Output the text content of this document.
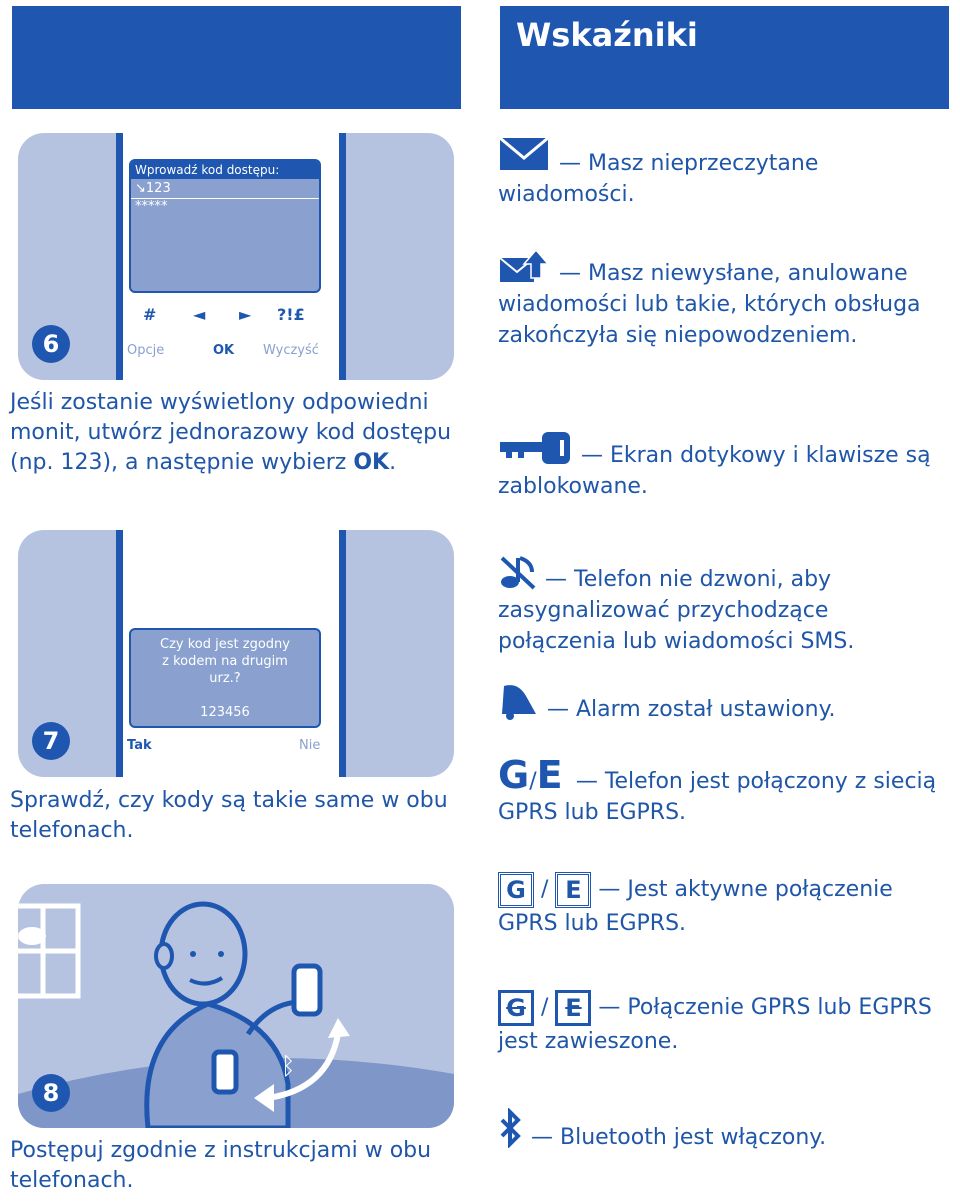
Wskaźniki
6
Wprowadź kod dostępu:
↘123
*****
# ◄ ► ?!£
Opcje	OK Wyczyść
Jeśli zostanie wyświetlony odpowiedni monit, utwórz jednorazowy kod dostępu (np. 123), a następnie wybierz OK.
7
Czy kod jest zgodny z kodem na drugim urz.?
123456
Tak	Nie
Sprawdź, czy kody są takie same w obu telefonach.
ᛒ
8
Postępuj zgodnie z instrukcjami w obu telefonach.
— Masz nieprzeczytane wiadomości.
— Masz niewysłane, anulowane wiadomości lub takie, których obsługa zakończyła się niepowodzeniem.
— Ekran dotykowy i klawisze są zablokowane.
— Telefon nie dzwoni, aby zasygnalizować przychodzące połączenia lub wiadomości SMS.
— Alarm został ustawiony.
G/E — Telefon jest połączony z siecią GPRS lub EGPRS.
G / E — Jest aktywne połączenie GPRS lub EGPRS.
G / E — Połączenie GPRS lub EGPRS jest zawieszone.
— Bluetooth jest włączony.
